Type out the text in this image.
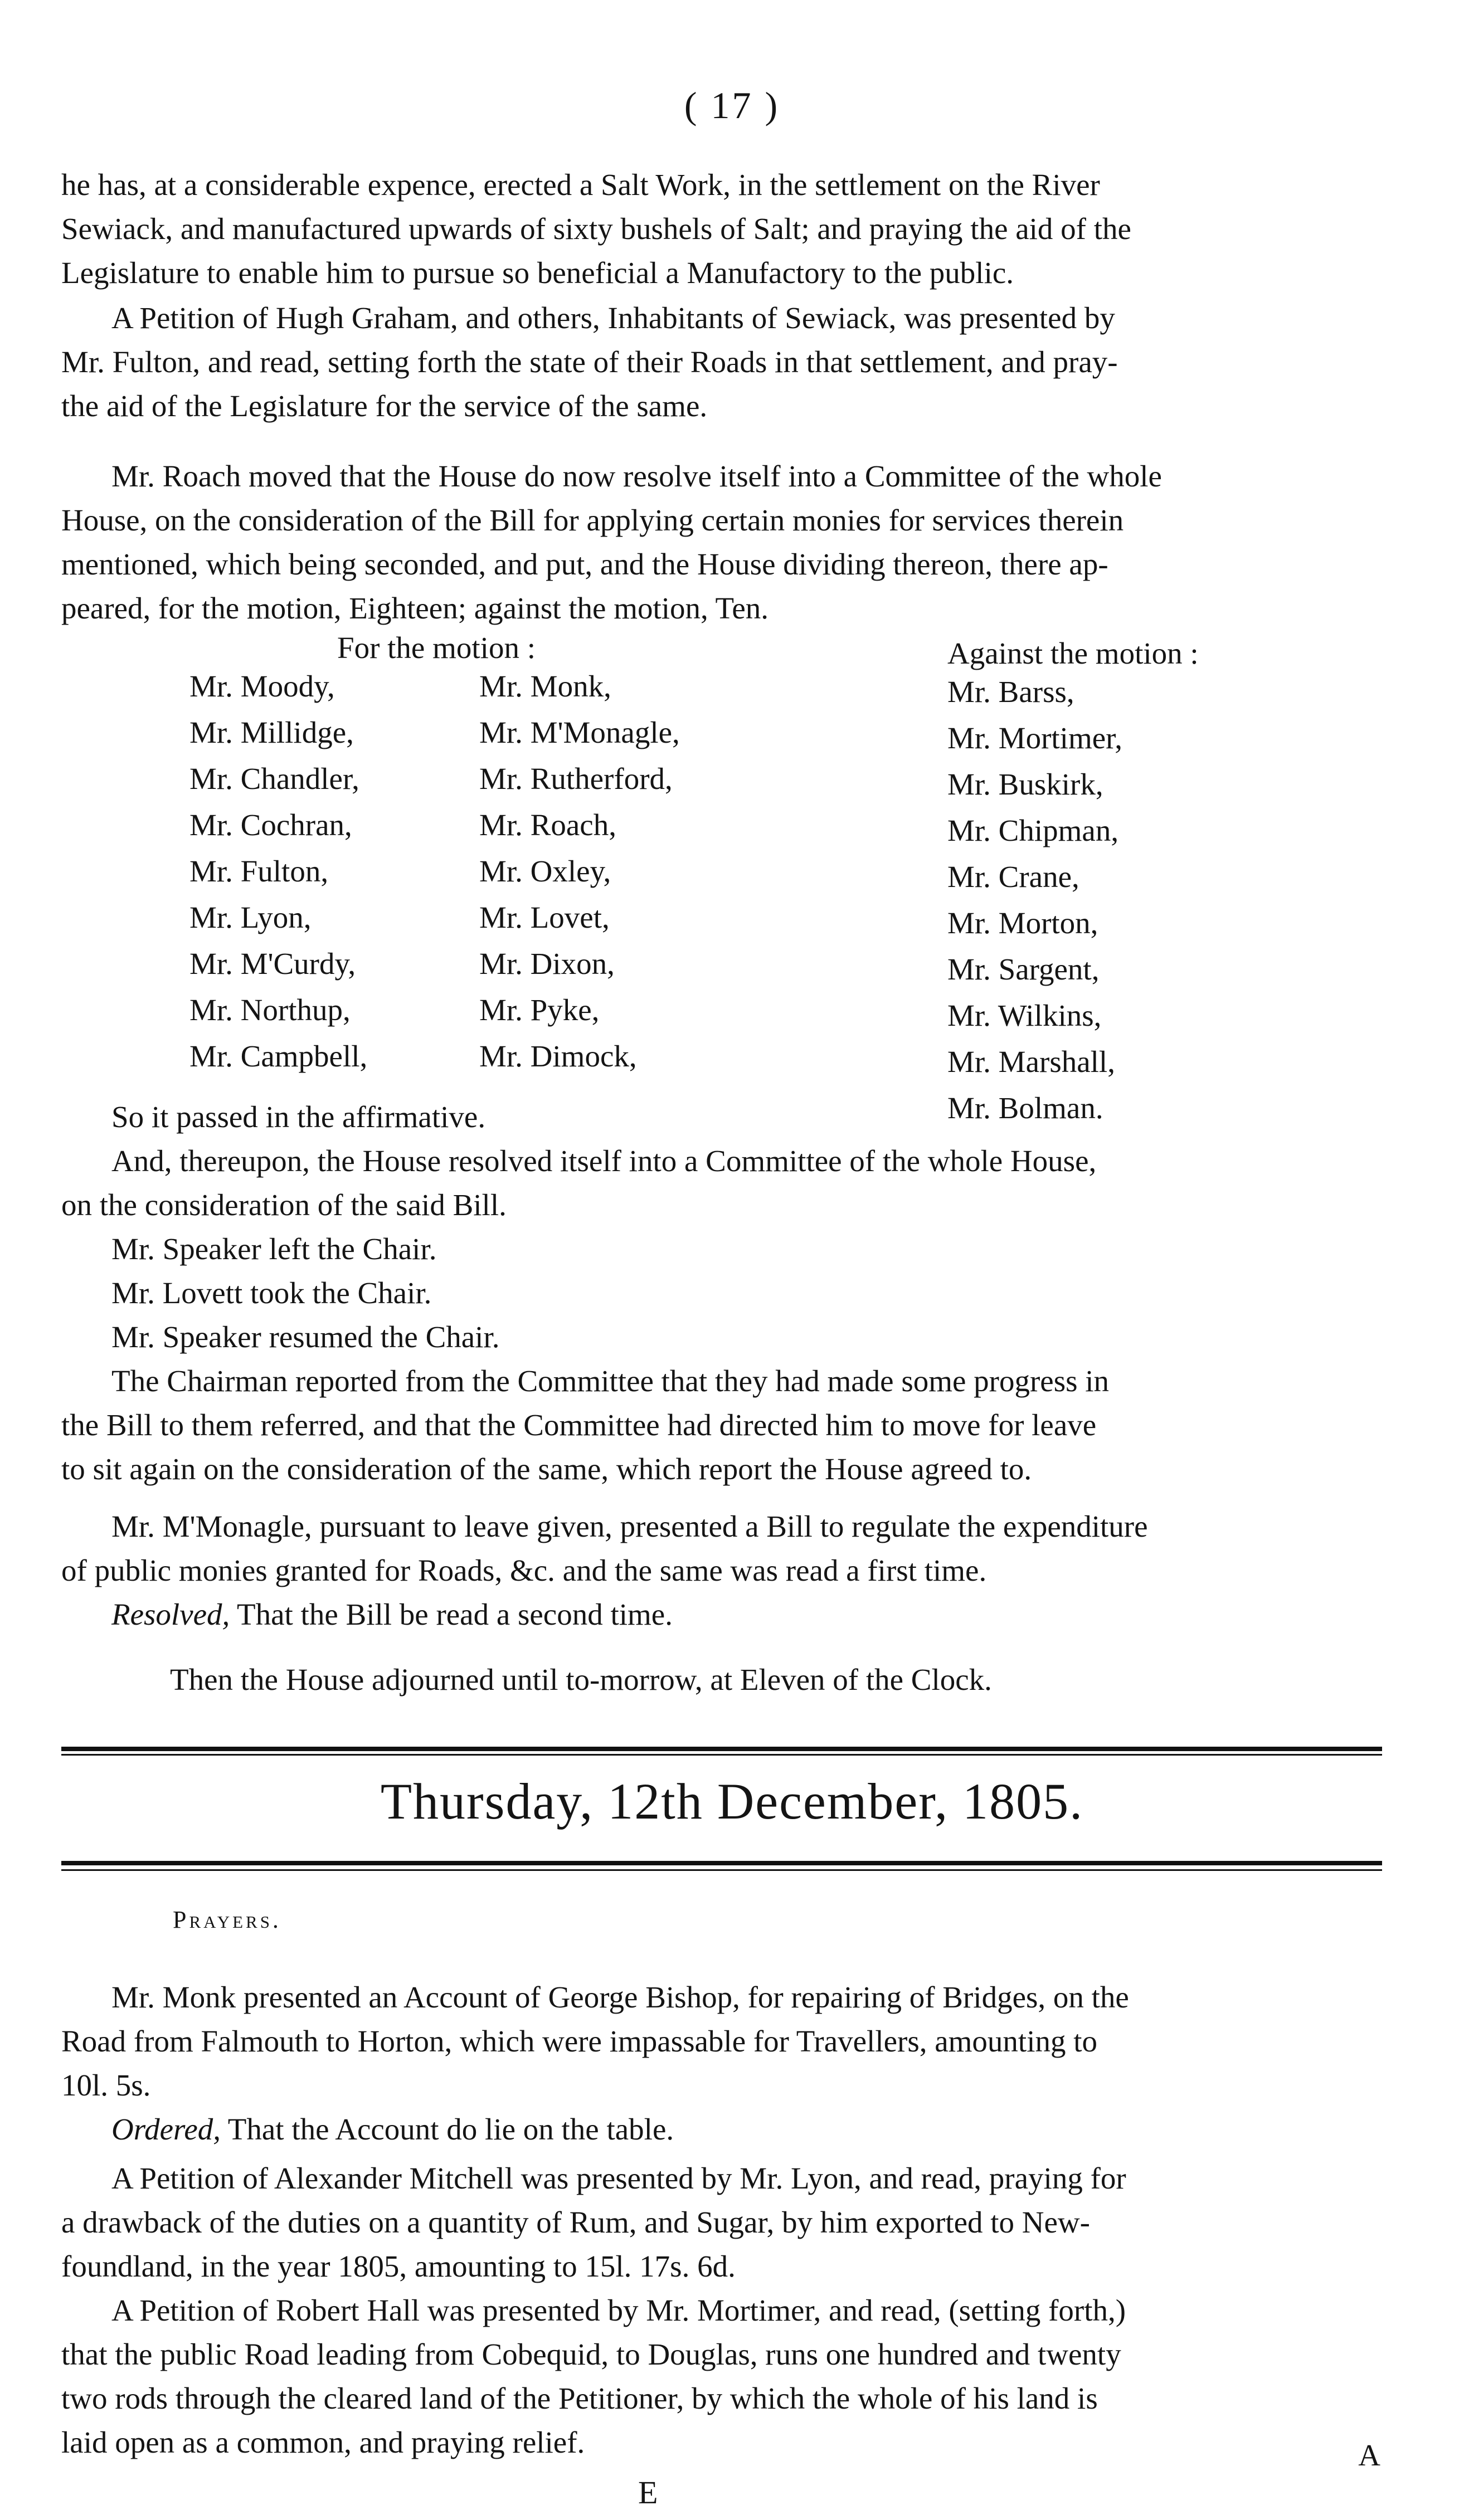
( 17 )
he has, at a considerable expence, erected a Salt Work, in the settlement on the River
Sewiack, and manufactured upwards of sixty bushels of Salt; and praying the aid of the
Legislature to enable him to pursue so beneficial a Manufactory to the public.
A Petition of Hugh Graham, and others, Inhabitants of Sewiack, was presented by
Mr. Fulton, and read, setting forth the state of their Roads in that settlement, and pray-
the aid of the Legislature for the service of the same.
Mr. Roach moved that the House do now resolve itself into a Committee of the whole
House, on the consideration of the Bill for applying certain monies for services therein
mentioned, which being seconded, and put, and the House dividing thereon, there ap-
peared, for the motion, Eighteen; against the motion, Ten.
For the motion :	Against the motion :
Mr. Moody,
Mr. Millidge,
Mr. Chandler,
Mr. Cochran,
Mr. Fulton,
Mr. Lyon,
Mr. M'Curdy,
Mr. Northup,
Mr. Campbell,
Mr. Monk,
Mr. M'Monagle,
Mr. Rutherford,
Mr. Roach,
Mr. Oxley,
Mr. Lovet,
Mr. Dixon,
Mr. Pyke,
Mr. Dimock,
Mr. Barss,
Mr. Mortimer,
Mr. Buskirk,
Mr. Chipman,
Mr. Crane,
Mr. Morton,
Mr. Sargent,
Mr. Wilkins,
Mr. Marshall,
Mr. Bolman.
So it passed in the affirmative.
And, thereupon, the House resolved itself into a Committee of the whole House,
on the consideration of the said Bill.
Mr. Speaker left the Chair.
Mr. Lovett took the Chair.
Mr. Speaker resumed the Chair.
The Chairman reported from the Committee that they had made some progress in
the Bill to them referred, and that the Committee had directed him to move for leave
to sit again on the consideration of the same, which report the House agreed to.
Mr. M'Monagle, pursuant to leave given, presented a Bill to regulate the expenditure
of public monies granted for Roads, &c. and the same was read a first time.
Resolved, That the Bill be read a second time.
Then the House adjourned until to-morrow, at Eleven of the Clock.
Thursday, 12th December, 1805.
Prayers.
Mr. Monk presented an Account of George Bishop, for repairing of Bridges, on the
Road from Falmouth to Horton, which were impassable for Travellers, amounting to
10l. 5s.
Ordered, That the Account do lie on the table.
A Petition of Alexander Mitchell was presented by Mr. Lyon, and read, praying for
a drawback of the duties on a quantity of Rum, and Sugar, by him exported to New-
foundland, in the year 1805, amounting to 15l. 17s. 6d.
A Petition of Robert Hall was presented by Mr. Mortimer, and read, (setting forth,)
that the public Road leading from Cobequid, to Douglas, runs one hundred and twenty
two rods through the cleared land of the Petitioner, by which the whole of his land is
laid open as a common, and praying relief.	A
E
